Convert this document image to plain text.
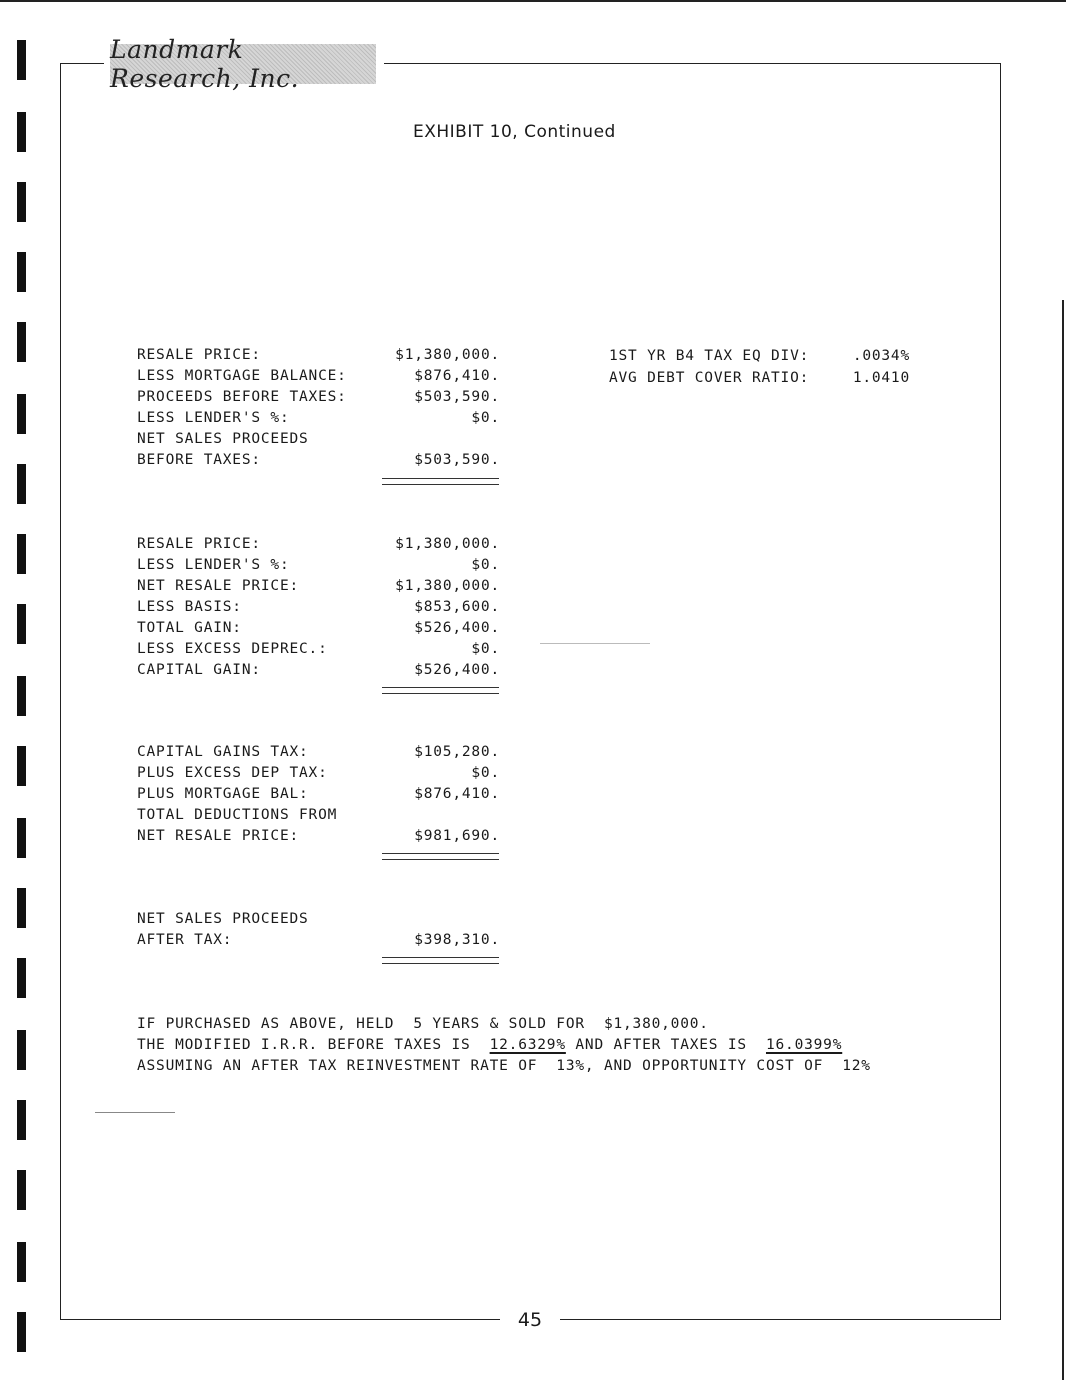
Landmark Research, Inc.
EXHIBIT 10, Continued
RESALE PRICE:	$1,380,000.
LESS MORTGAGE BALANCE:	$876,410.
PROCEEDS BEFORE TAXES:	$503,590.
LESS LENDER'S %:	$0.
NET SALES PROCEEDS
BEFORE TAXES:	$503,590.
1ST YR B4 TAX EQ DIV:	.0034%
AVG DEBT COVER RATIO:	1.0410
RESALE PRICE:	$1,380,000.
LESS LENDER'S %:	$0.
NET RESALE PRICE:	$1,380,000.
LESS BASIS:	$853,600.
TOTAL GAIN:	$526,400.
LESS EXCESS DEPREC.:	$0.
CAPITAL GAIN:	$526,400.
CAPITAL GAINS TAX:	$105,280.
PLUS EXCESS DEP TAX:	$0.
PLUS MORTGAGE BAL:	$876,410.
TOTAL DEDUCTIONS FROM
NET RESALE PRICE:	$981,690.
NET SALES PROCEEDS
AFTER TAX:	$398,310.
IF PURCHASED AS ABOVE, HELD  5 YEARS & SOLD FOR  $1,380,000.
THE MODIFIED I.R.R. BEFORE TAXES IS  12.6329% AND AFTER TAXES IS  16.0399%
ASSUMING AN AFTER TAX REINVESTMENT RATE OF  13%, AND OPPORTUNITY COST OF  12%
45
